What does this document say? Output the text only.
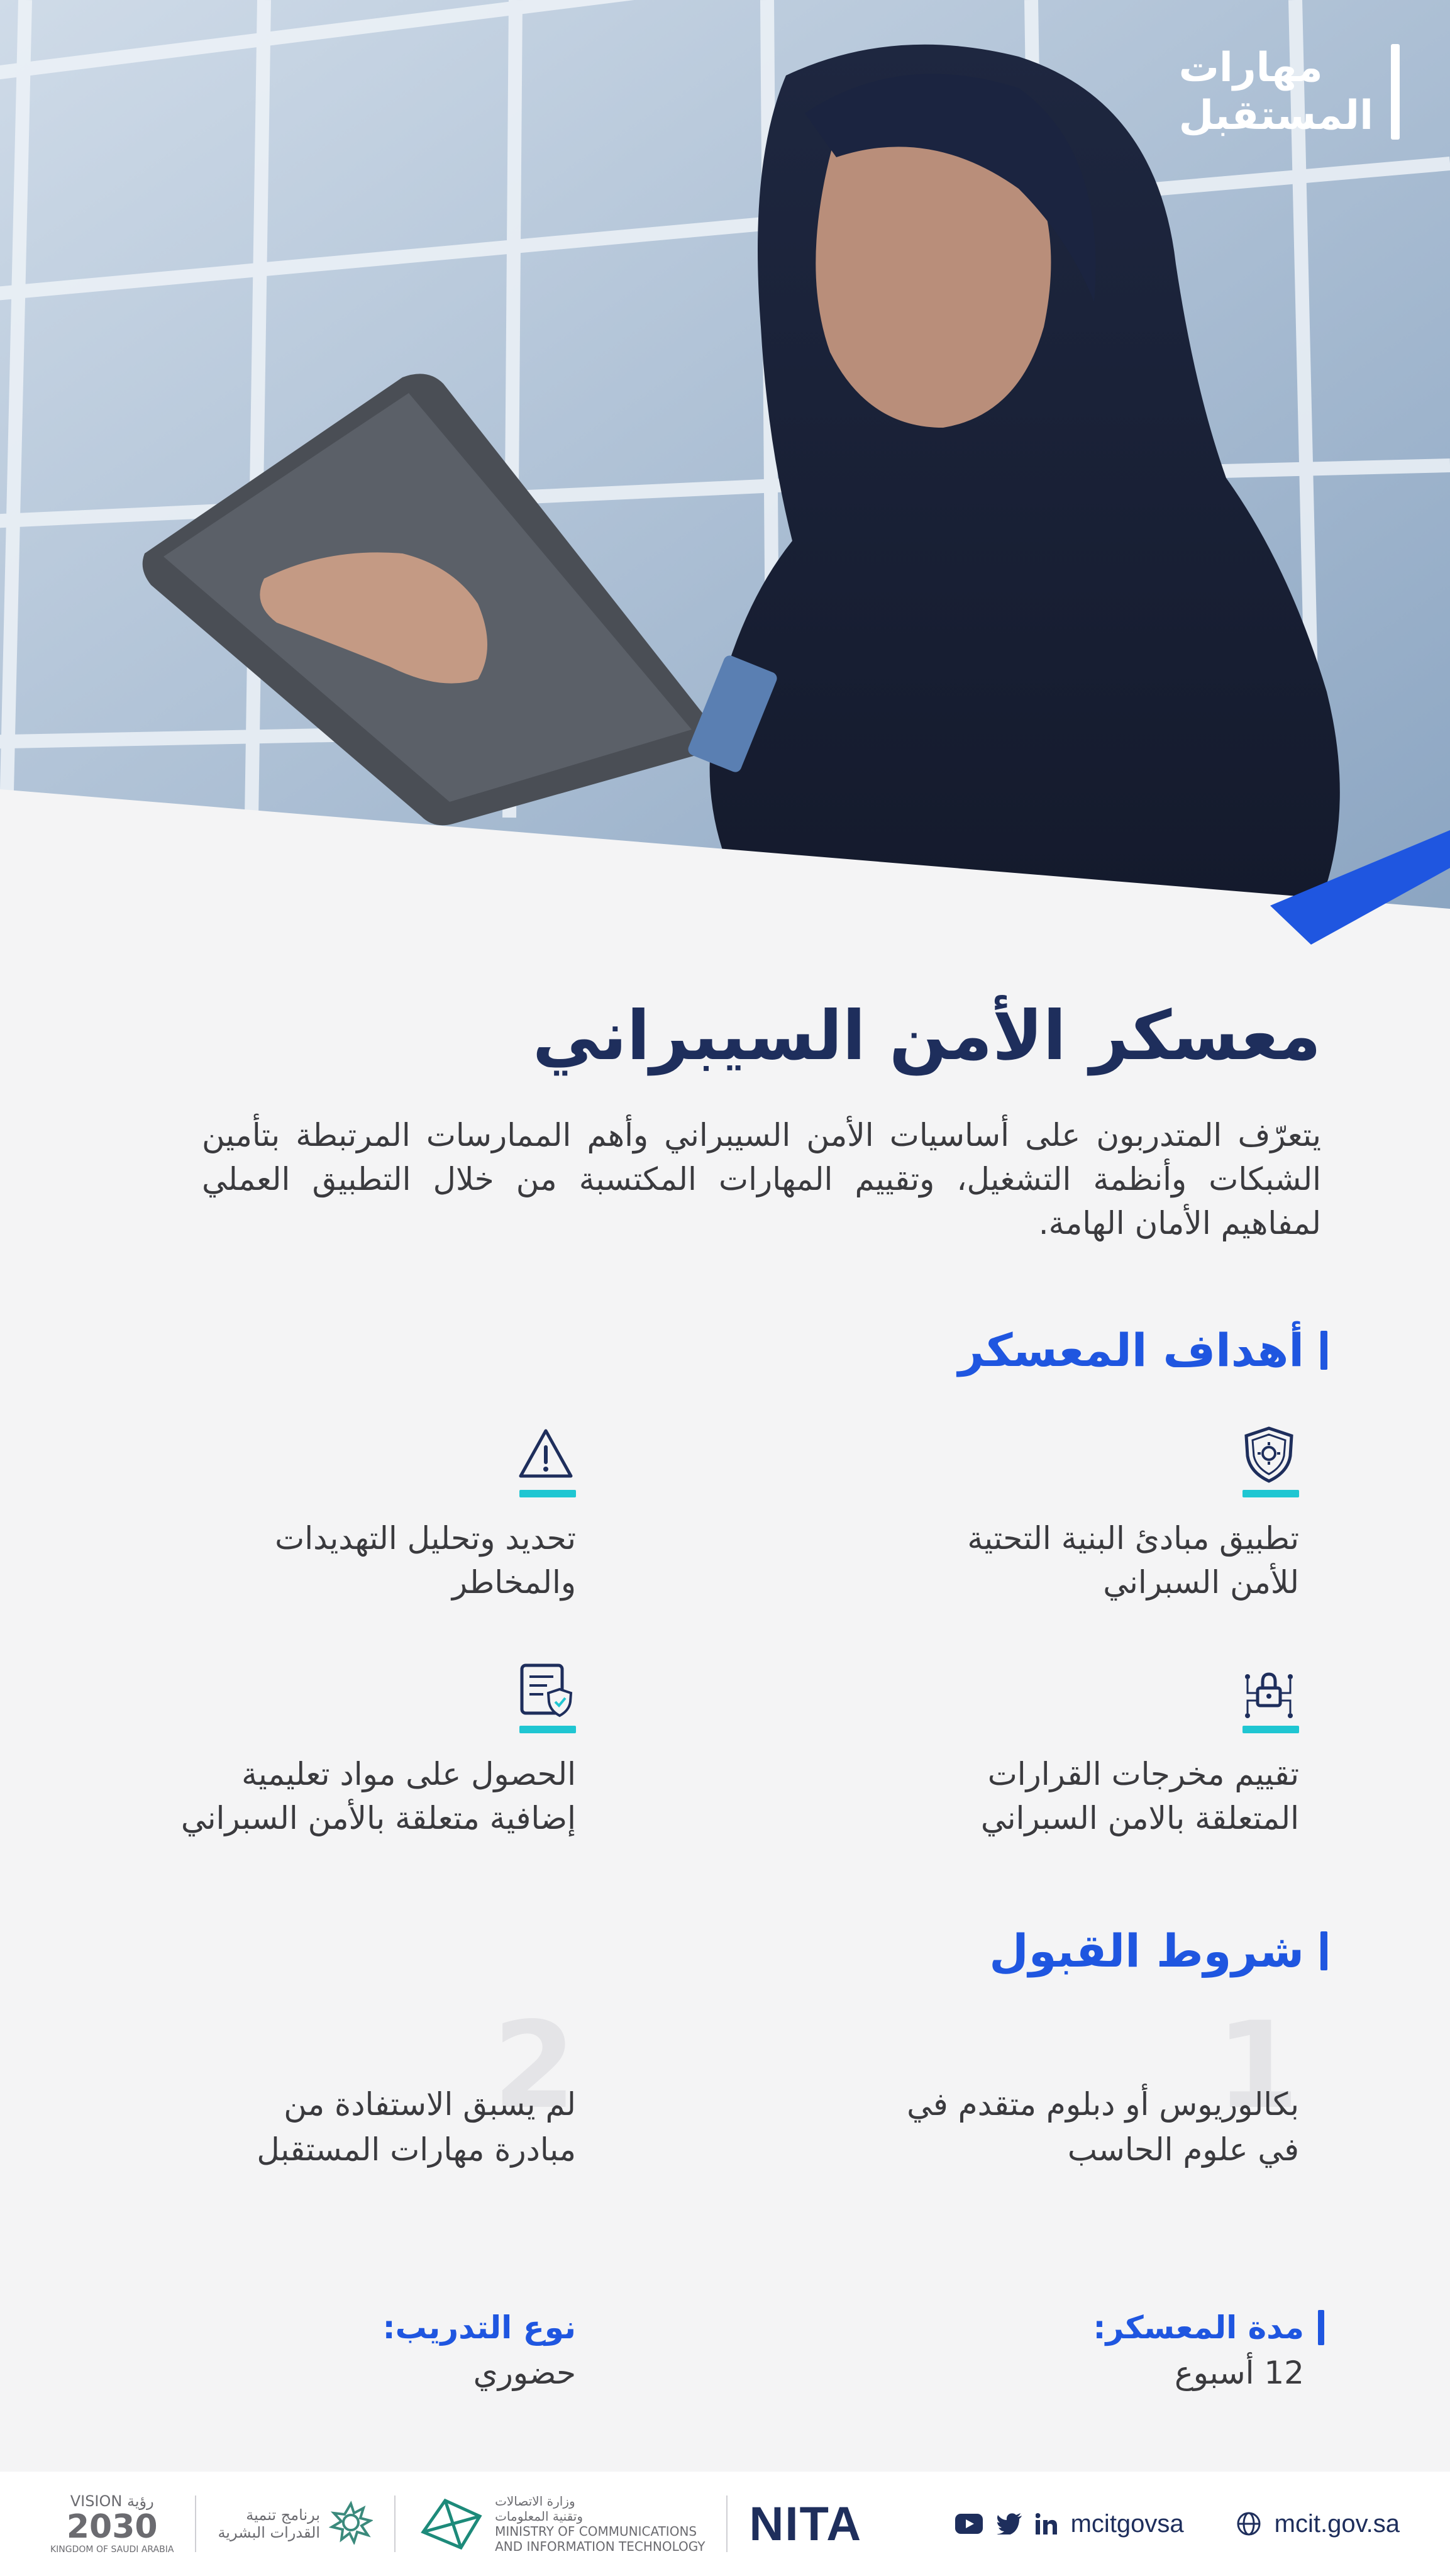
مهارات
المستقبل
معسكر الأمن السيبراني

يتعرّف المتدربون على أساسيات الأمن السيبراني وأهم الممارسات المرتبطة بتأمين الشبكات وأنظمة التشغيل، وتقييم المهارات المكتسبة من خلال التطبيق العملي لمفاهيم الأمان الهامة.

أهداف المعسكر
تطبيق مبادئ البنية التحتية
للأمن السبراني
تحديد وتحليل التهديدات
والمخاطر
تقييم مخرجات القرارات
المتعلقة بالامن السبراني
الحصول على مواد تعليمية
إضافية متعلقة بالأمن السبراني
شروط القبول
1
بكالوريوس أو دبلوم متقدم في
في علوم الحاسب
2
لم يسبق الاستفادة من
مبادرة مهارات المستقبل
مدة المعسكر:
12 أسبوع
نوع التدريب:
حضوري
mcitgovsa	mcit.gov.sa
VISION رؤية
2030
KINGDOM OF SAUDI ARABIA
برنامج تنمية
القدرات البشرية
وزارة الاتصالات
وتقنية المعلومات
MINISTRY OF COMMUNICATIONS
AND INFORMATION TECHNOLOGY NITA
